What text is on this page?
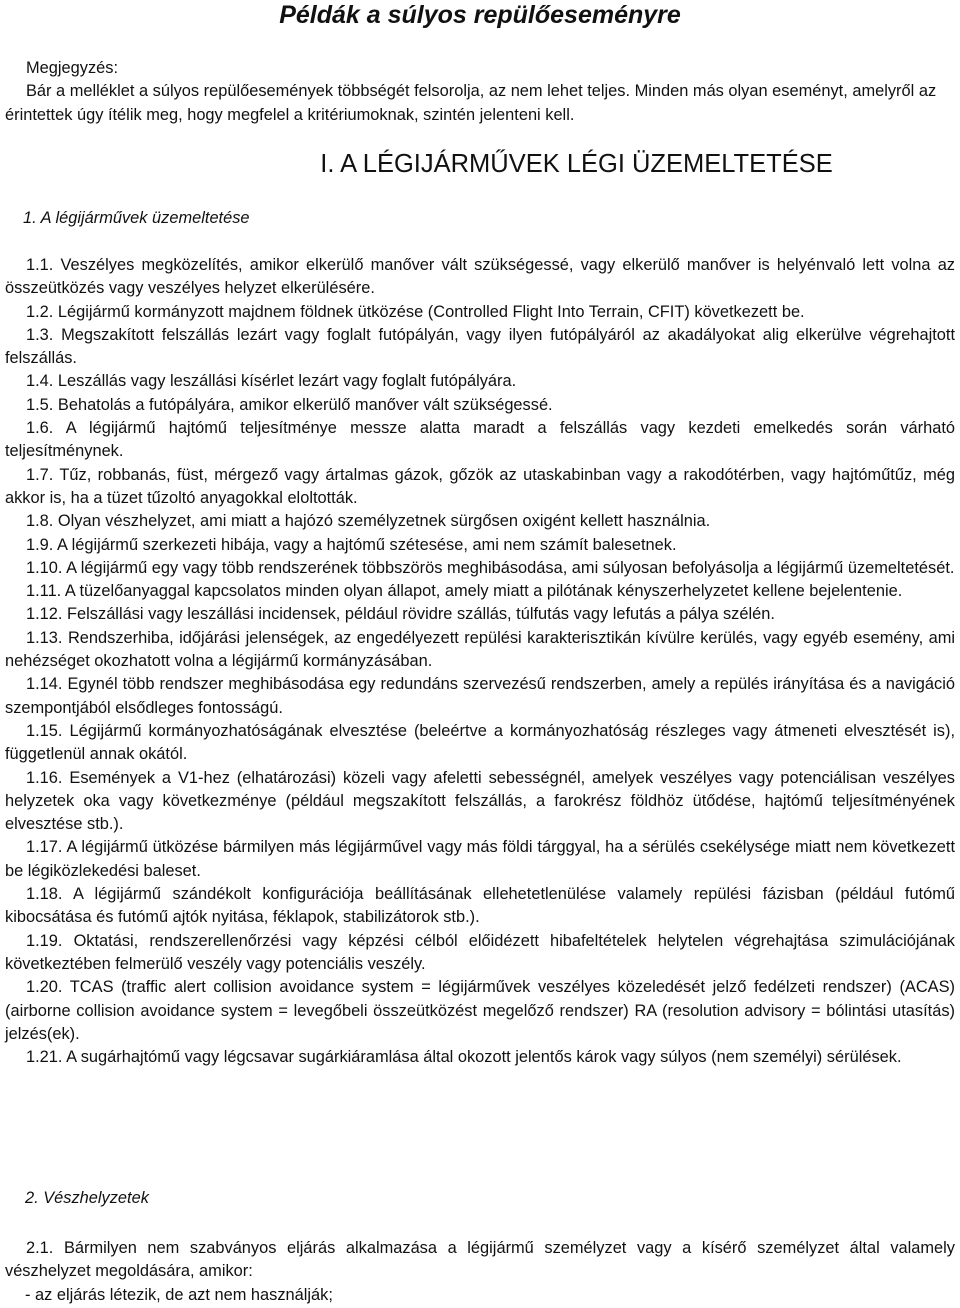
Példák a súlyos repülőeseményre
Megjegyzés:
Bár a melléklet a súlyos repülőesemények többségét felsorolja, az nem lehet teljes. Minden más olyan eseményt, amelyről az érintettek úgy ítélik meg, hogy megfelel a kritériumoknak, szintén jelenteni kell.
I. A LÉGIJÁRMŰVEK LÉGI ÜZEMELTETÉSE
1. A légijárművek üzemeltetése

1.1. Veszélyes megközelítés, amikor elkerülő manőver vált szükségessé, vagy elkerülő manőver is helyénvaló lett volna az összeütközés vagy veszélyes helyzet elkerülésére.

1.2. Légijármű kormányzott majdnem földnek ütközése (Controlled Flight Into Terrain, CFIT) következett be.

1.3. Megszakított felszállás lezárt vagy foglalt futópályán, vagy ilyen futópályáról az akadályokat alig elkerülve végrehajtott felszállás.

1.4. Leszállás vagy leszállási kísérlet lezárt vagy foglalt futópályára.

1.5. Behatolás a futópályára, amikor elkerülő manőver vált szükségessé.

1.6. A légijármű hajtómű teljesítménye messze alatta maradt a felszállás vagy kezdeti emelkedés során várható teljesítménynek.

1.7. Tűz, robbanás, füst, mérgező vagy ártalmas gázok, gőzök az utaskabinban vagy a rakodótérben, vagy hajtóműtűz, még akkor is, ha a tüzet tűzoltó anyagokkal eloltották.

1.8. Olyan vészhelyzet, ami miatt a hajózó személyzetnek sürgősen oxigént kellett használnia.

1.9. A légijármű szerkezeti hibája, vagy a hajtómű szétesése, ami nem számít balesetnek.

1.10. A légijármű egy vagy több rendszerének többszörös meghibásodása, ami súlyosan befolyásolja a légijármű üzemeltetését.

1.11. A tüzelőanyaggal kapcsolatos minden olyan állapot, amely miatt a pilótának kényszerhelyzetet kellene bejelentenie.

1.12. Felszállási vagy leszállási incidensek, például rövidre szállás, túlfutás vagy lefutás a pálya szélén.

1.13. Rendszerhiba, időjárási jelenségek, az engedélyezett repülési karakterisztikán kívülre kerülés, vagy egyéb esemény, ami nehézséget okozhatott volna a légijármű kormányzásában.

1.14. Egynél több rendszer meghibásodása egy redundáns szervezésű rendszerben, amely a repülés irányítása és a navigáció szempontjából elsődleges fontosságú.

1.15. Légijármű kormányozhatóságának elvesztése (beleértve a kormányozhatóság részleges vagy átmeneti elvesztését is), függetlenül annak okától.

1.16. Események a V1-hez (elhatározási) közeli vagy afeletti sebességnél, amelyek veszélyes vagy potenciálisan veszélyes helyzetek oka vagy következménye (például megszakított felszállás, a farokrész földhöz ütődése, hajtómű teljesítményének elvesztése stb.).

1.17. A légijármű ütközése bármilyen más légijárművel vagy más földi tárggyal, ha a sérülés csekélysége miatt nem következett be légiközlekedési baleset.

1.18. A légijármű szándékolt konfigurációja beállításának ellehetetlenülése valamely repülési fázisban (például futómű kibocsátása és futómű ajtók nyitása, féklapok, stabilizátorok stb.).

1.19. Oktatási, rendszerellenőrzési vagy képzési célból előidézett hibafeltételek helytelen végrehajtása szimulációjának következtében felmerülő veszély vagy potenciális veszély.

1.20. TCAS (traffic alert collision avoidance system = légijárművek veszélyes közeledését jelző fedélzeti rendszer) (ACAS) (airborne collision avoidance system = levegőbeli összeütközést megelőző rendszer) RA (resolution advisory = bólintási utasítás) jelzés(ek).

1.21. A sugárhajtómű vagy légcsavar sugárkiáramlása által okozott jelentős károk vagy súlyos (nem személyi) sérülések.

2. Vészhelyzetek

2.1. Bármilyen nem szabványos eljárás alkalmazása a légijármű személyzet vagy a kísérő személyzet által valamely vészhelyzet megoldására, amikor:

- az eljárás létezik, de azt nem használják;
